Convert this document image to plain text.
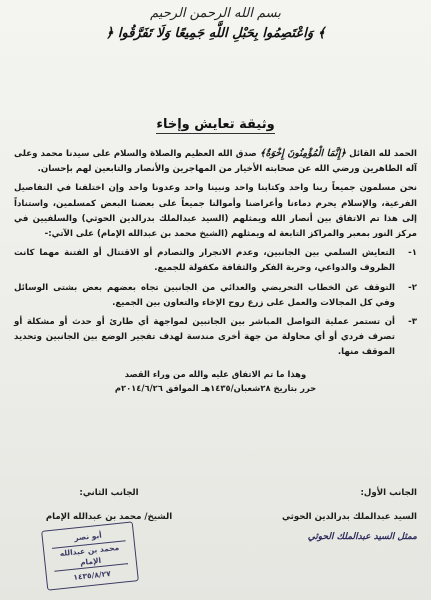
بسم الله الرحمن الرحيم
﴿ وَاعْتَصِمُوا بِحَبْلِ اللَّهِ جَمِيعًا وَلَا تَفَرَّقُوا ﴾
وثيقة تعايش وإخاء

الحمد لله القائل ﴿إِنَّمَا الْمُؤْمِنُونَ إِخْوَةٌ﴾ صدق الله العظيم والصلاة والسلام على سيدنا محمد وعلى آله الطاهرين ورضي الله عن صحابته الأخيار من المهاجرين والأنصار والتابعين لهم بإحسان.

نحن مسلمون جميعاً ربنا واحد وكتابنا واحد ونبينا واحد وعدونا واحد وإن اختلفنا في التفاصيل الفرعية، والإسلام يحرم دماءنا وأعراضنا وأموالنا جميعاً على بعضنا البعض كمسلمين، واستناداً إلى هذا تم الاتفاق بين أنصار الله ويمثلهم (السيد عبدالملك بدرالدين الحوثي) والسلفيين في مركز النور بمعبر والمراكز التابعة له ويمثلهم (الشيخ محمد بن عبدالله الإمام) على الآتي:-

١-
التعايش السلمي بين الجانبين، وعدم الانجرار والتصادم أو الاقتتال أو الفتنة مهما كانت الظروف والدواعي، وحرية الفكر والثقافة مكفولة للجميع.
٢-
التوقف عن الخطاب التحريضي والعدائي من الجانبين تجاه بعضهم بعض بشتى الوسائل وفي كل المجالات والعمل على زرع روح الإخاء والتعاون بين الجميع.
٣-
أن تستمر عملية التواصل المباشر بين الجانبين لمواجهة أي طارئ أو حدث أو مشكلة أو تصرف فردي أو أي محاولة من جهة أخرى مندسة لهدف تفجير الوضع بين الجانبين وتحديد الموقف منها.
وهذا ما تم الاتفاق عليه والله من وراء القصد
حرر بتاريخ ٢٨شعبان/١٤٣٥هـ الموافق ٢٠١٤/٦/٢٦م
الجانب الأول:
السيد عبدالملك بدرالدين الحوثي
ممثل السيد عبدالملك الحوثي
الجانب الثاني:
الشيخ/ محمد بن عبدالله الإمام
أبو نصر
محمد بن عبدالله الإمام
١٤٣٥/٨/٢٧
